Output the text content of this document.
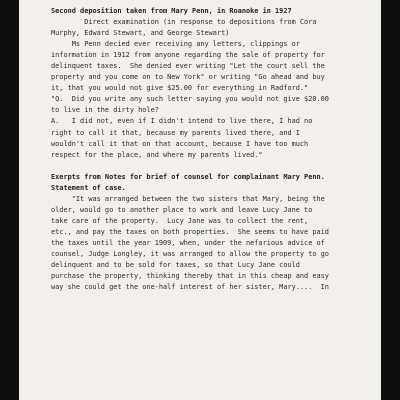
Second deposition taken from Mary Penn, in Roanoke in 1927
Direct examination (in response to depositions from Cora
Murphy, Edward Stewart, and George Stewart)
Ms Penn decied ever receiving any letters, clippings or
information in 1912 from anyone regarding the sale of property for
delinquent taxes.  She denied ever writing "Let the court sell the
property and you come on to New York" or writing "Go ahead and buy
it, that you would not give $25.00 for everything in Radford."
"Q.  Did you write any such letter saying you would not give $20.00
to live in the dirty hole?
A.   I did not, even if I didn't intend to live there, I had no
right to call it that, because my parents lived there, and I
wouldn't call it that on that account, because I have too much
respect for the place, and where my parents lived."
Exerpts from Notes for brief of counsel for complainant Mary Penn.
Statement of case.
"It was arranged between the two sisters that Mary, being the
older, would go to another place to work and leave Lucy Jane to
take care of the property.  Lucy Jane was to collect the rent,
etc., and pay the taxes on both properties.  She seems to have paid
the taxes until the year 1909, when, under the nefarious advice of
counsel, Judge Longley, it was arranged to allow the property to go
delinquent and to be sold for taxes, so that Lucy Jane could
purchase the property, thinking thereby that in this cheap and easy
way she could get the one-half interest of her sister, Mary....  In
